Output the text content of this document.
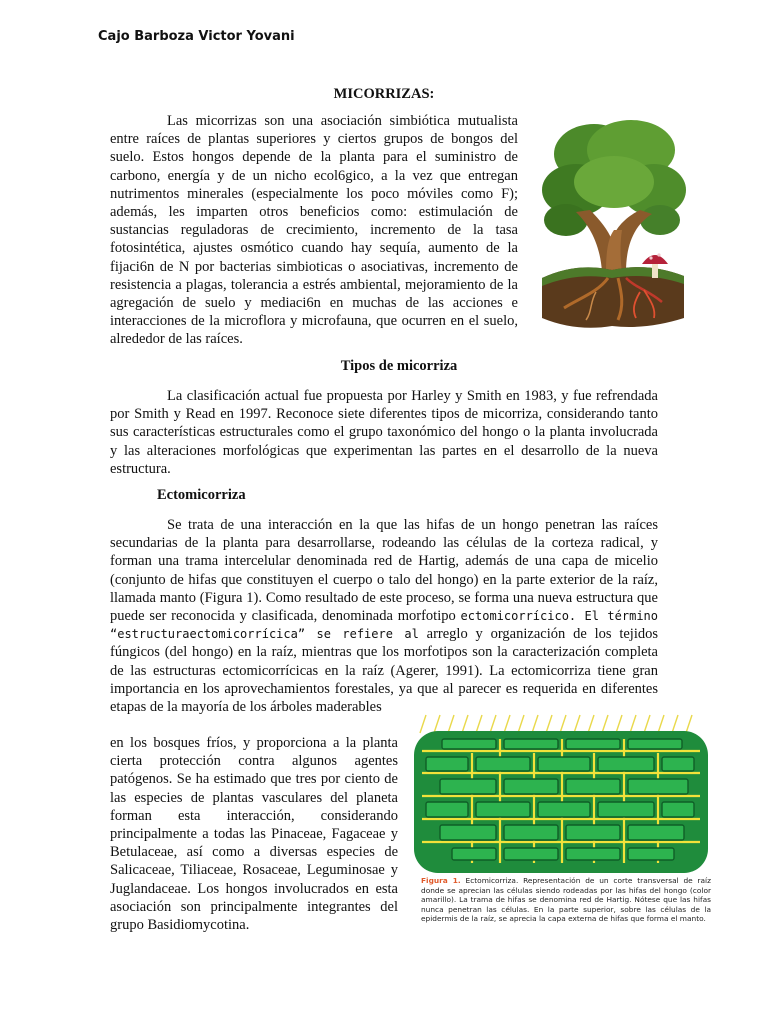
Cajo Barboza Victor Yovani
MICORRIZAS:

Las micorrizas son una asociación simbiótica mutualista entre raíces de plantas superiores y ciertos grupos de bongos del suelo. Estos hongos depende de la planta para el suministro de carbono, energía y de un nicho ecol6gico, a la vez que entregan nutrimentos minerales (especialmente los poco móviles como F); además, les imparten otros beneficios como: estimulación de sustancias reguladoras de crecimiento, incremento de la tasa fotosintética, ajustes osmótico cuando hay sequía, aumento de la fijaci6n de N por bacterias simbioticas o asociativas, incremento de resistencia a plagas, tolerancia a estrés ambiental, mejoramiento de la agregación de suelo y mediaci6n en muchas de las acciones e interacciones de la microflora y microfauna, que ocurren en el suelo, alrededor de las raíces.

Tipos de micorriza

La clasificación actual fue propuesta por Harley y Smith en 1983, y fue refrendada por Smith y Read en 1997. Reconoce siete diferentes tipos de micorriza, considerando tanto sus características estructurales como el grupo taxonómico del hongo o la planta involucrada y las alteraciones morfológicas que experimentan las partes en el desarrollo de la nueva estructura.

Ectomicorriza

Se trata de una interacción en la que las hifas de un hongo penetran las raíces secundarias de la planta para desarrollarse, rodeando las células de la corteza radical, y forman una trama intercelular denominada red de Hartig, además de una capa de micelio (conjunto de hifas que constituyen el cuerpo o talo del hongo) en la parte exterior de la raíz, llamada manto (Figura 1). Como resultado de este proceso, se forma una nueva estructura que puede ser reconocida y clasificada, denominada morfotipo ectomicorrícico. El término “estructuraectomicorrícica” se refiere al arreglo y organización de los tejidos fúngicos (del hongo) en la raíz, mientras que los morfotipos son la caracterización completa de las estructuras ectomicorrícicas en la raíz (Agerer, 1991). La ectomicorriza tiene gran importancia en los aprovechamientos forestales, ya que al parecer es requerida en diferentes etapas de la mayoría de los árboles maderables

en los bosques fríos, y proporciona a la planta cierta protección contra algunos agentes patógenos. Se ha estimado que tres por ciento de las especies de plantas vasculares del planeta forman esta interacción, considerando principalmente a todas las Pinaceae, Fagaceae y Betulaceae, así como a diversas especies de Salicaceae, Tiliaceae, Rosaceae, Leguminosae y Juglandaceae. Los hongos involucrados en esta asociación son principalmente integrantes del grupo Basidiomycotina.

Figura 1. Ectomicorriza. Representación de un corte transversal de raíz donde se aprecian las células siendo rodeadas por las hifas del hongo (color amarillo). La trama de hifas se denomina red de Hartig. Nótese que las hifas nunca penetran las células. En la parte superior, sobre las células de la epidermis de la raíz, se aprecia la capa externa de hifas que forma el manto.
